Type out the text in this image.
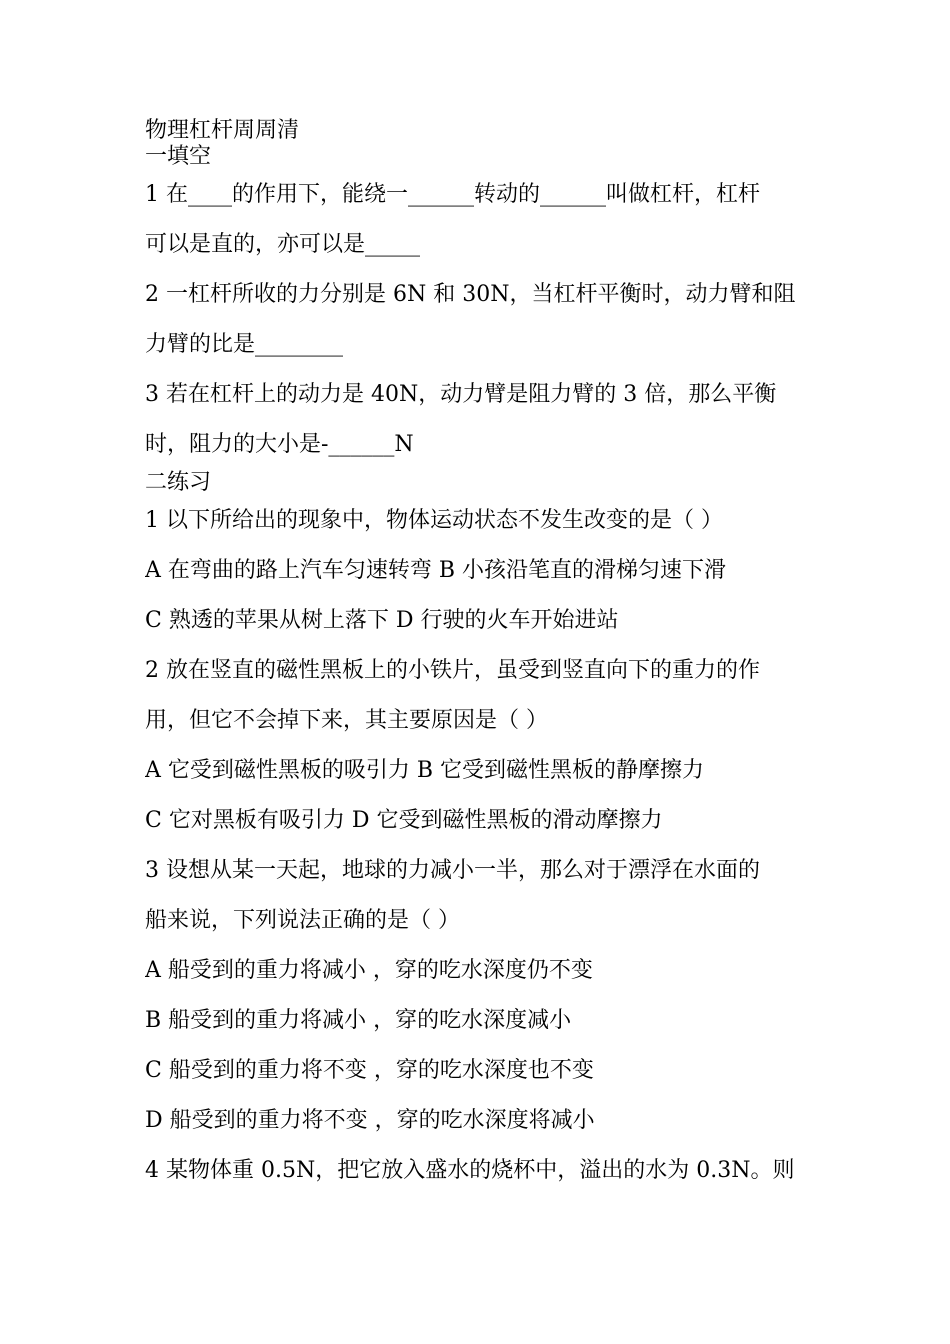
物理杠杆周周清
一填空
1 在____的作用下，能绕一______转动的______叫做杠杆，杠杆
可以是直的，亦可以是_____
2 一杠杆所收的力分别是 6N 和 30N，当杠杆平衡时，动力臂和阻
力臂的比是________
3 若在杠杆上的动力是 40N，动力臂是阻力臂的 3 倍，那么平衡
时，阻力的大小是-______N
二练习
1 以下所给出的现象中，物体运动状态不发生改变的是（ ）
A 在弯曲的路上汽车匀速转弯 B 小孩沿笔直的滑梯匀速下滑
C 熟透的苹果从树上落下 D 行驶的火车开始进站
2 放在竖直的磁性黑板上的小铁片，虽受到竖直向下的重力的作
用，但它不会掉下来，其主要原因是（ ）
A 它受到磁性黑板的吸引力 B 它受到磁性黑板的静摩擦力
C 它对黑板有吸引力 D 它受到磁性黑板的滑动摩擦力
3 设想从某一天起，地球的力减小一半，那么对于漂浮在水面的
船来说，下列说法正确的是（ ）
A 船受到的重力将减小 ，穿的吃水深度仍不变
B 船受到的重力将减小 ，穿的吃水深度减小
C 船受到的重力将不变 ，穿的吃水深度也不变
D 船受到的重力将不变 ，穿的吃水深度将减小
4 某物体重 0.5N，把它放入盛水的烧杯中，溢出的水为 0.3N。则
